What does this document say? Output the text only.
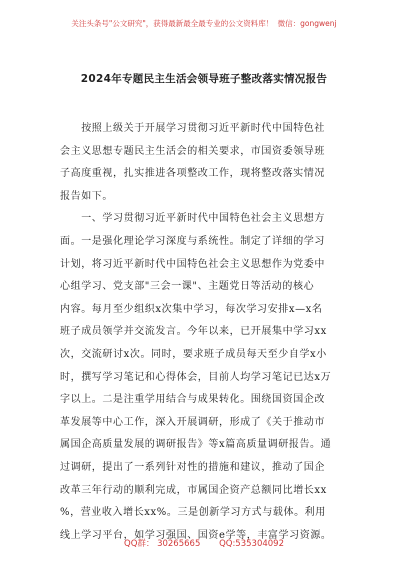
关注头条号"公文研究"，获得最新最全最专业的公文资料库！ 微信：gongwenj
2024年专题民主生活会领导班子整改落实情况报告
　　按照上级关于开展学习贯彻习近平新时代中国特色社
会主义思想专题民主生活会的相关要求，市国资委领导班
子高度重视，扎实推进各项整改工作，现将整改落实情况
报告如下。
　　一、学习贯彻习近平新时代中国特色社会主义思想方
面。一是强化理论学习深度与系统性。制定了详细的学习
计划，将习近平新时代中国特色社会主义思想作为党委中
心组学习、党支部"三会一课"、主题党日等活动的核心
内容。每月至少组织x次集中学习，每次学习安排x—x名
班子成员领学并交流发言。今年以来，已开展集中学习xx
次，交流研讨x次。同时，要求班子成员每天至少自学x小
时，撰写学习笔记和心得体会，目前人均学习笔记已达x万
字以上。二是注重学用结合与成果转化。围绕国资国企改
革发展等中心工作，深入开展调研，形成了《关于推动市
属国企高质量发展的调研报告》等x篇高质量调研报告。通
过调研，提出了一系列针对性的措施和建议，推动了国企
改革三年行动的顺利完成，市属国企资产总额同比增长xx
%，营业收入增长xx%。三是创新学习方式与载体。利用
线上学习平台，如学习强国、国资e学等，丰富学习资源。
QQ群： 30265665 QQ:535304092
